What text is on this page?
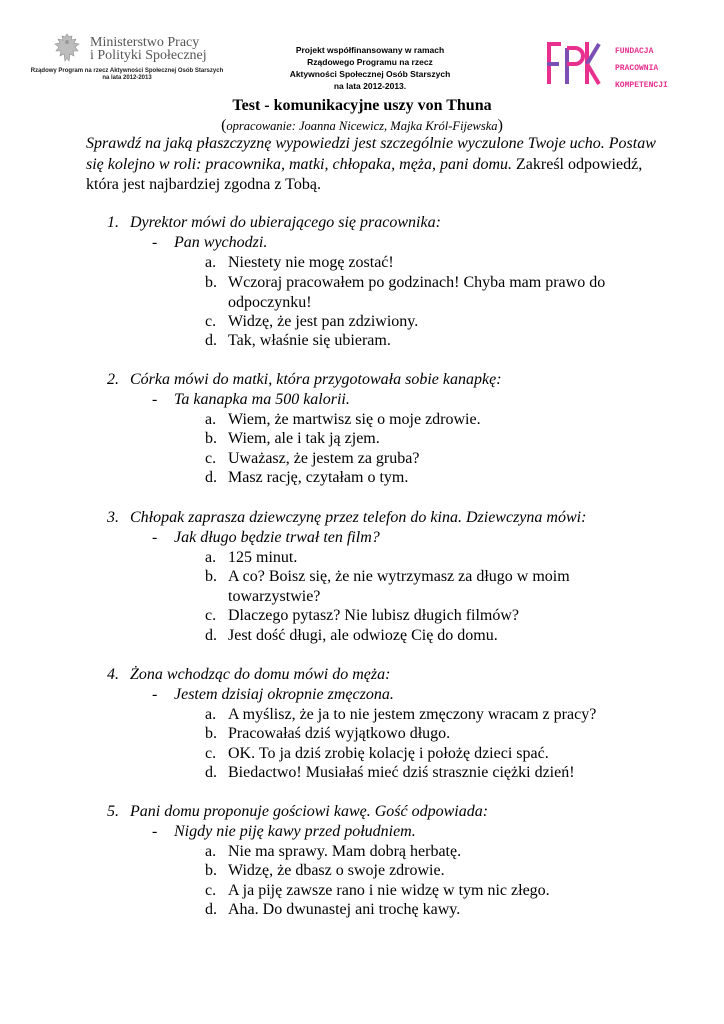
Ministerstwo Pracy
i Polityki Społecznej
Rządowy Program na rzecz Aktywności Społecznej Osób Starszych
na lata 2012-2013
Projekt współfinansowany w ramach
Rządowego Programu na rzecz
Aktywności Społecznej Osób Starszych
na lata 2012-2013.
FUNDACJA
PRACOWNIA
KOMPETENCJI
Test - komunikacyjne uszy von Thuna
(opracowanie: Joanna Nicewicz, Majka Król-Fijewska)
Sprawdź na jaką płaszczyznę wypowiedzi jest szczególnie wyczulone Twoje ucho. Postaw się kolejno w roli: pracownika, matki, chłopaka, męża, pani domu. Zakreśl odpowiedź, która jest najbardziej zgodna z Tobą.
1. Dyrektor mówi do ubierającego się pracownika:
- Pan wychodzi.
a. Niestety nie mogę zostać!
b. Wczoraj pracowałem po godzinach! Chyba mam prawo do odpoczynku!
c. Widzę, że jest pan zdziwiony.
d. Tak, właśnie się ubieram.
2. Córka mówi do matki, która przygotowała sobie kanapkę:
- Ta kanapka ma 500 kalorii.
a. Wiem, że martwisz się o moje zdrowie.
b. Wiem, ale i tak ją zjem.
c. Uważasz, że jestem za gruba?
d. Masz rację, czytałam o tym.
3. Chłopak zaprasza dziewczynę przez telefon do kina. Dziewczyna mówi:
- Jak długo będzie trwał ten film?
a. 125 minut.
b. A co? Boisz się, że nie wytrzymasz za długo w moim towarzystwie?
c. Dlaczego pytasz? Nie lubisz długich filmów?
d. Jest dość długi, ale odwiozę Cię do domu.
4. Żona wchodząc do domu mówi do męża:
- Jestem dzisiaj okropnie zmęczona.
a. A myślisz, że ja to nie jestem zmęczony wracam z pracy?
b. Pracowałaś dziś wyjątkowo długo.
c. OK. To ja dziś zrobię kolację i położę dzieci spać.
d. Biedactwo! Musiałaś mieć dziś strasznie ciężki dzień!
5. Pani domu proponuje gościowi kawę. Gość odpowiada:
- Nigdy nie piję kawy przed południem.
a. Nie ma sprawy. Mam dobrą herbatę.
b. Widzę, że dbasz o swoje zdrowie.
c. A ja piję zawsze rano i nie widzę w tym nic złego.
d. Aha. Do dwunastej ani trochę kawy.
